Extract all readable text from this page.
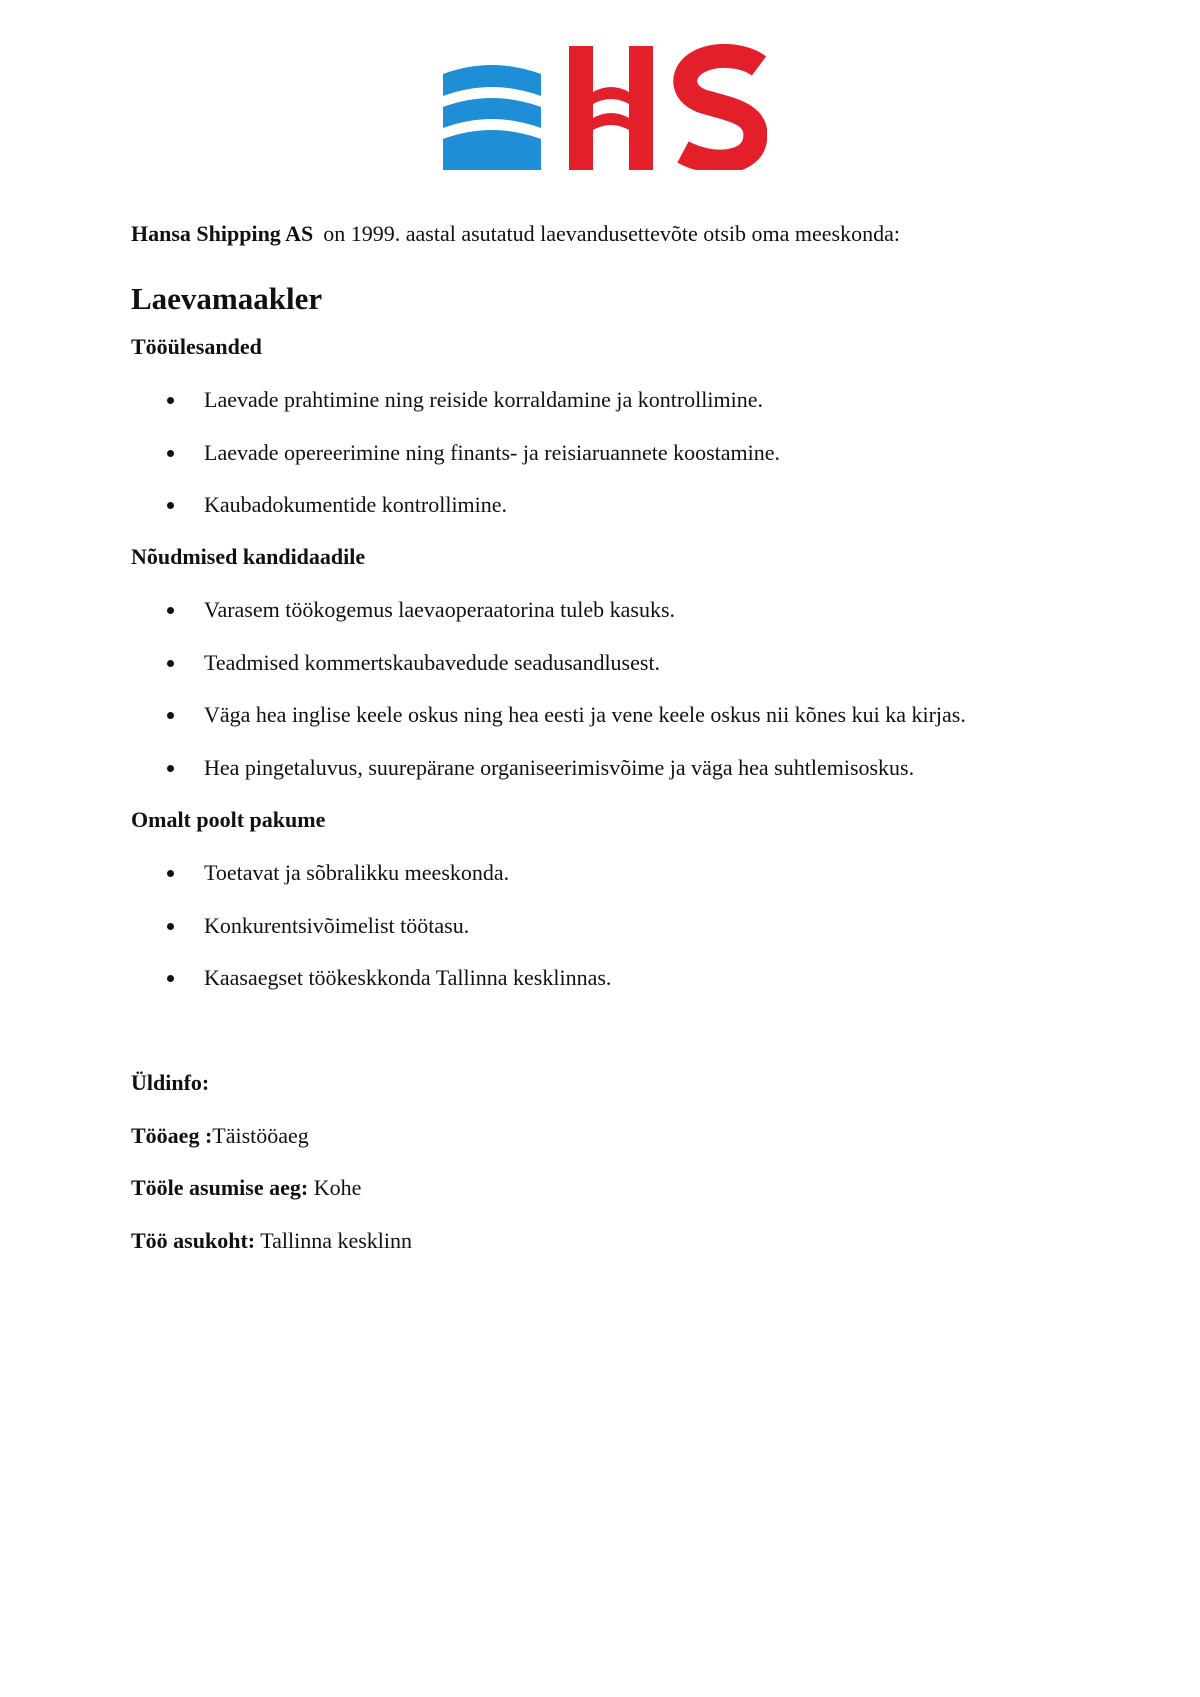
Hansa Shipping AS on 1999. aastal asutatud laevandusettevõte otsib oma meeskonda:
Laevamaakler
Tööülesanded
Laevade prahtimine ning reiside korraldamine ja kontrollimine.
Laevade opereerimine ning finants- ja reisiaruannete koostamine.
Kaubadokumentide kontrollimine.
Nõudmised kandidaadile
Varasem töökogemus laevaoperaatorina tuleb kasuks.
Teadmised kommertskaubavedude seadusandlusest.
Väga hea inglise keele oskus ning hea eesti ja vene keele oskus nii kõnes kui ka kirjas.
Hea pingetaluvus, suurepärane organiseerimisvõime ja väga hea suhtlemisoskus.
Omalt poolt pakume
Toetavat ja sõbralikku meeskonda.
Konkurentsivõimelist töötasu.
Kaasaegset töökeskkonda Tallinna kesklinnas.
Üldinfo:
Tööaeg :Täistööaeg
Tööle asumise aeg: Kohe
Töö asukoht: Tallinna kesklinn
